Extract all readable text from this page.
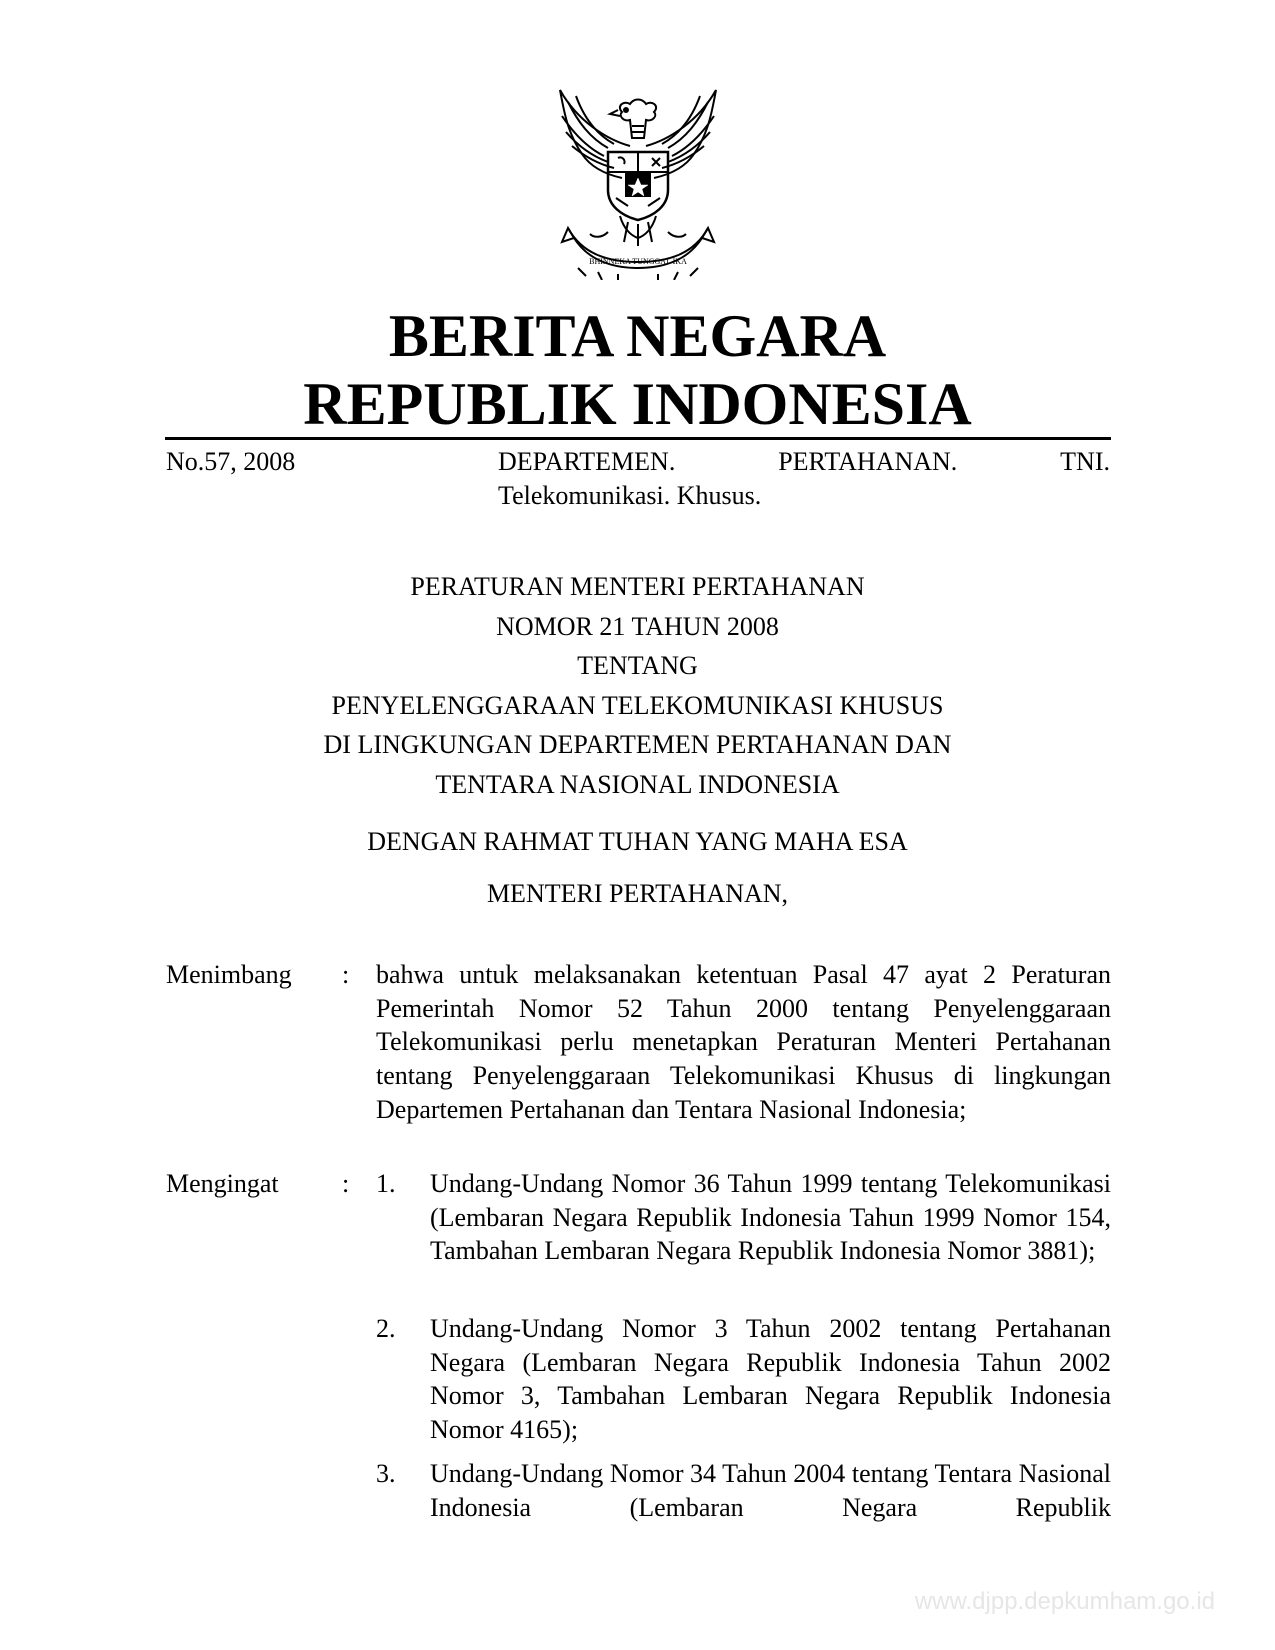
BHINNEKA TUNGGAL IKA
BERITA NEGARA
REPUBLIK INDONESIA
No.57, 2008	DEPARTEMEN.	PERTAHANAN.	TNI.
Telekomunikasi. Khusus.
PERATURAN MENTERI PERTAHANAN
NOMOR 21 TAHUN 2008
TENTANG
PENYELENGGARAAN TELEKOMUNIKASI KHUSUS
DI LINGKUNGAN DEPARTEMEN PERTAHANAN DAN
TENTARA NASIONAL INDONESIA
DENGAN RAHMAT TUHAN YANG MAHA ESA
MENTERI PERTAHANAN,
Menimbang : bahwa untuk melaksanakan ketentuan Pasal 47 ayat 2 Peraturan Pemerintah Nomor 52 Tahun 2000 tentang Penyelenggaraan Telekomunikasi perlu menetapkan Peraturan Menteri Pertahanan tentang Penyelenggaraan Telekomunikasi Khusus di lingkungan Departemen Pertahanan dan Tentara Nasional Indonesia;
Mengingat : 1. Undang-Undang Nomor 36 Tahun 1999 tentang Telekomunikasi (Lembaran Negara Republik Indonesia Tahun 1999 Nomor 154, Tambahan Lembaran Negara Republik Indonesia Nomor 3881);
2. Undang-Undang Nomor 3 Tahun 2002 tentang Pertahanan Negara (Lembaran Negara Republik Indonesia Tahun 2002 Nomor 3, Tambahan Lembaran Negara Republik Indonesia Nomor 4165);
3. Undang-Undang Nomor 34 Tahun 2004 tentang Tentara Nasional Indonesia (Lembaran Negara Republik
www.djpp.depkumham.go.id
